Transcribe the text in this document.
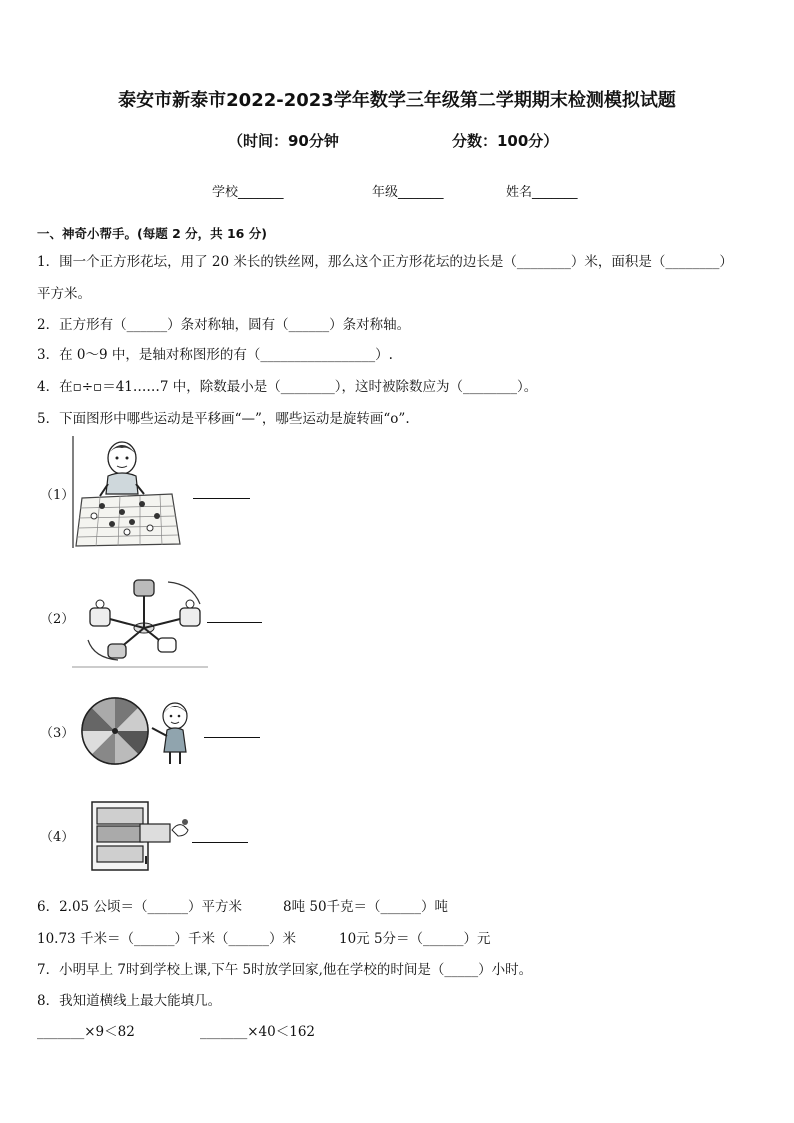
泰安市新泰市2022-2023学年数学三年级第二学期期末检测模拟试题
（时间：90分钟	分数：100分）
学校_______	年级_______	姓名_______
一、神奇小帮手。(每题 2 分，共 16 分)
1．围一个正方形花坛，用了 20 米长的铁丝网，那么这个正方形花坛的边长是（________）米，面积是（________）
平方米。
2．正方形有（______）条对称轴，圆有（______）条对称轴。
3．在 0～9 中，是轴对称图形的有（_________________）.
4．在▫÷▫＝41……7 中，除数最小是（________），这时被除数应为（________）。
5．下面图形中哪些运动是平移画“—”，哪些运动是旋转画“o”.
（1）
（2）
（3）
（4）
6．2.05 公顷＝（______）平方米	8吨 50千克＝（______）吨
10.73 千米＝（______）千米（______）米	10元 5分＝（______）元
7．小明早上 7时到学校上课,下午 5时放学回家,他在学校的时间是（_____）小时。
8．我知道横线上最大能填几。
_______×9＜82	_______×40＜162
